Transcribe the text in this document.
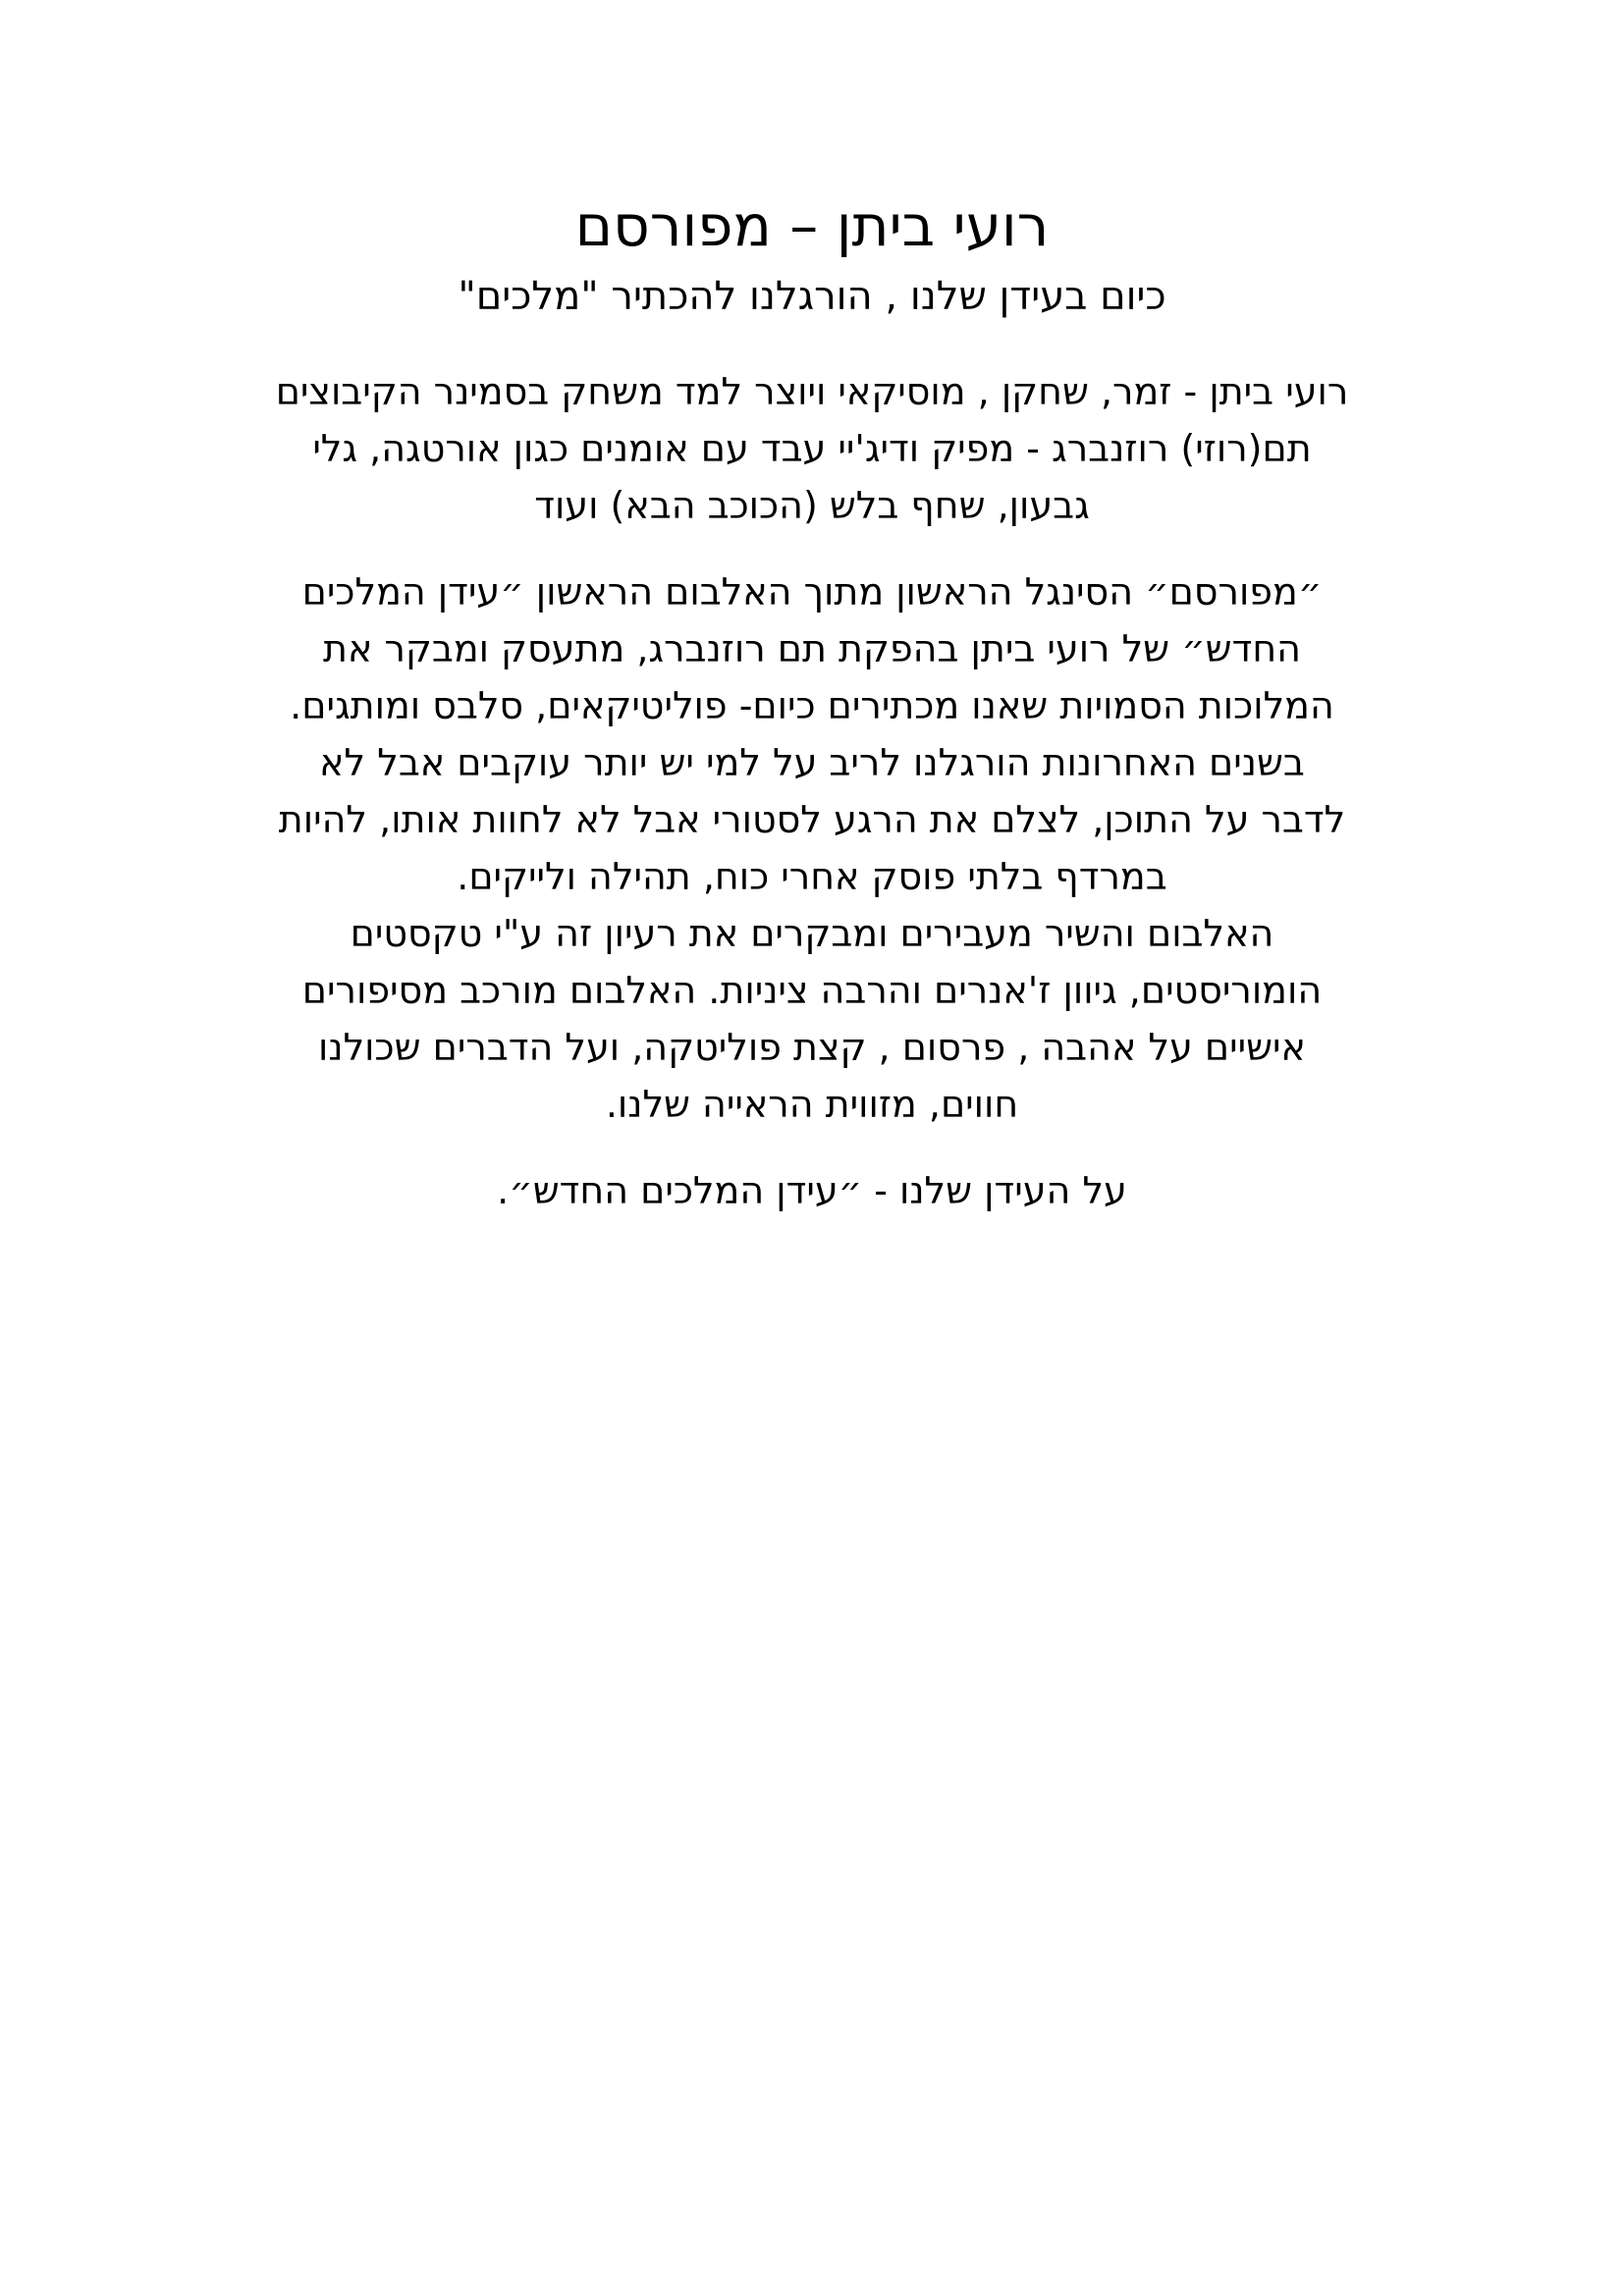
רועי ביתן – מפורסם
כיום בעידן שלנו , הורגלנו להכתיר "מלכים"
רועי ביתן - זמר, שחקן , מוסיקאי ויוצר למד משחק בסמינר הקיבוצים
תם(רוזי) רוזנברג - מפיק ודיג'יי עבד עם אומנים כגון אורטגה, גלי
גבעון, שחף בלש (הכוכב הבא) ועוד
״מפורסם״ הסינגל הראשון מתוך האלבום הראשון ״עידן המלכים
החדש״ של רועי ביתן בהפקת תם רוזנברג, מתעסק ומבקר את
המלוכות הסמויות שאנו מכתירים כיום- פוליטיקאים, סלבס ומותגים.
בשנים האחרונות הורגלנו לריב על למי יש יותר עוקבים אבל לא
לדבר על התוכן, לצלם את הרגע לסטורי אבל לא לחוות אותו, להיות
במרדף בלתי פוסק אחרי כוח, תהילה ולייקים.
האלבום והשיר מעבירים ומבקרים את רעיון זה ע"י טקסטים
הומוריסטים, גיוון ז'אנרים והרבה ציניות. האלבום מורכב מסיפורים
אישיים על אהבה , פרסום , קצת פוליטקה, ועל הדברים שכולנו
חווים, מזווית הראייה שלנו.
על העידן שלנו - ״עידן המלכים החדש״.
